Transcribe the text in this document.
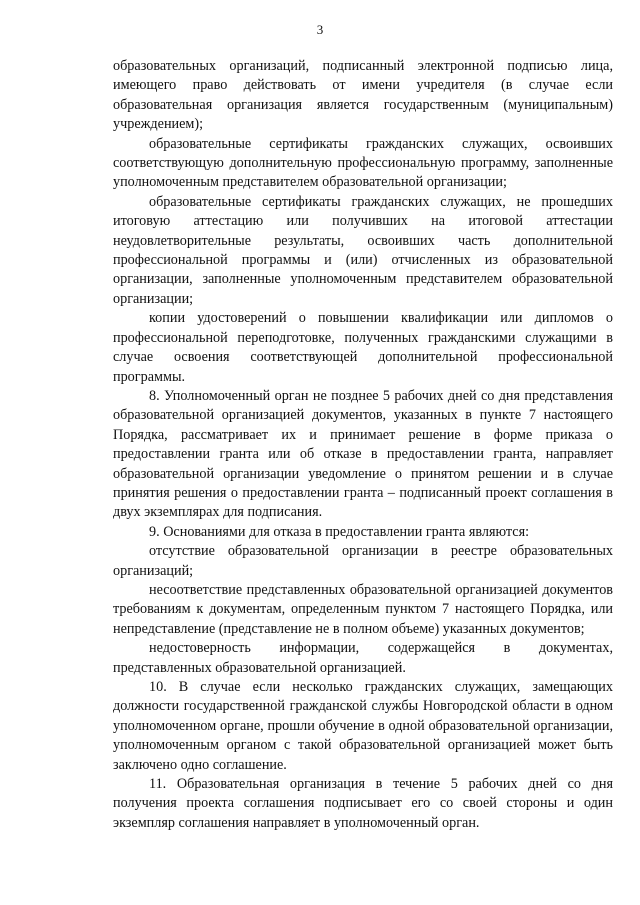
3

образовательных организаций, подписанный электронной подписью лица, имеющего право действовать от имени учредителя (в случае если образовательная организация является государственным (муниципальным) учреждением);

образовательные сертификаты гражданских служащих, освоивших соответствующую дополнительную профессиональную программу, заполненные уполномоченным представителем образовательной организации;

образовательные сертификаты гражданских служащих, не прошедших итоговую аттестацию или получивших на итоговой аттестации неудовлетворительные результаты, освоивших часть дополнительной профессиональной программы и (или) отчисленных из образовательной организации, заполненные уполномоченным представителем образовательной организации;

копии удостоверений о повышении квалификации или дипломов о профессиональной переподготовке, полученных гражданскими служащими в случае освоения соответствующей дополнительной профессиональной программы.

8. Уполномоченный орган не позднее 5 рабочих дней со дня представления образовательной организацией документов, указанных в пункте 7 настоящего Порядка, рассматривает их и принимает решение в форме приказа о предоставлении гранта или об отказе в предоставлении гранта, направляет образовательной организации уведомление о принятом решении и в случае принятия решения о предоставлении гранта – подписанный проект соглашения в двух экземплярах для подписания.

9. Основаниями для отказа в предоставлении гранта являются:

отсутствие образовательной организации в реестре образовательных организаций;

несоответствие представленных образовательной организацией документов требованиям к документам, определенным пунктом 7 настоящего Порядка, или непредставление (представление не в полном объеме) указанных документов;

недостоверность информации, содержащейся в документах, представленных образовательной организацией.

10. В случае если несколько гражданских служащих, замещающих должности государственной гражданской службы Новгородской области в одном уполномоченном органе, прошли обучение в одной образовательной организации, уполномоченным органом с такой образовательной организацией может быть заключено одно соглашение.

11. Образовательная организация в течение 5 рабочих дней со дня получения проекта соглашения подписывает его со своей стороны и один экземпляр соглашения направляет в уполномоченный орган.
